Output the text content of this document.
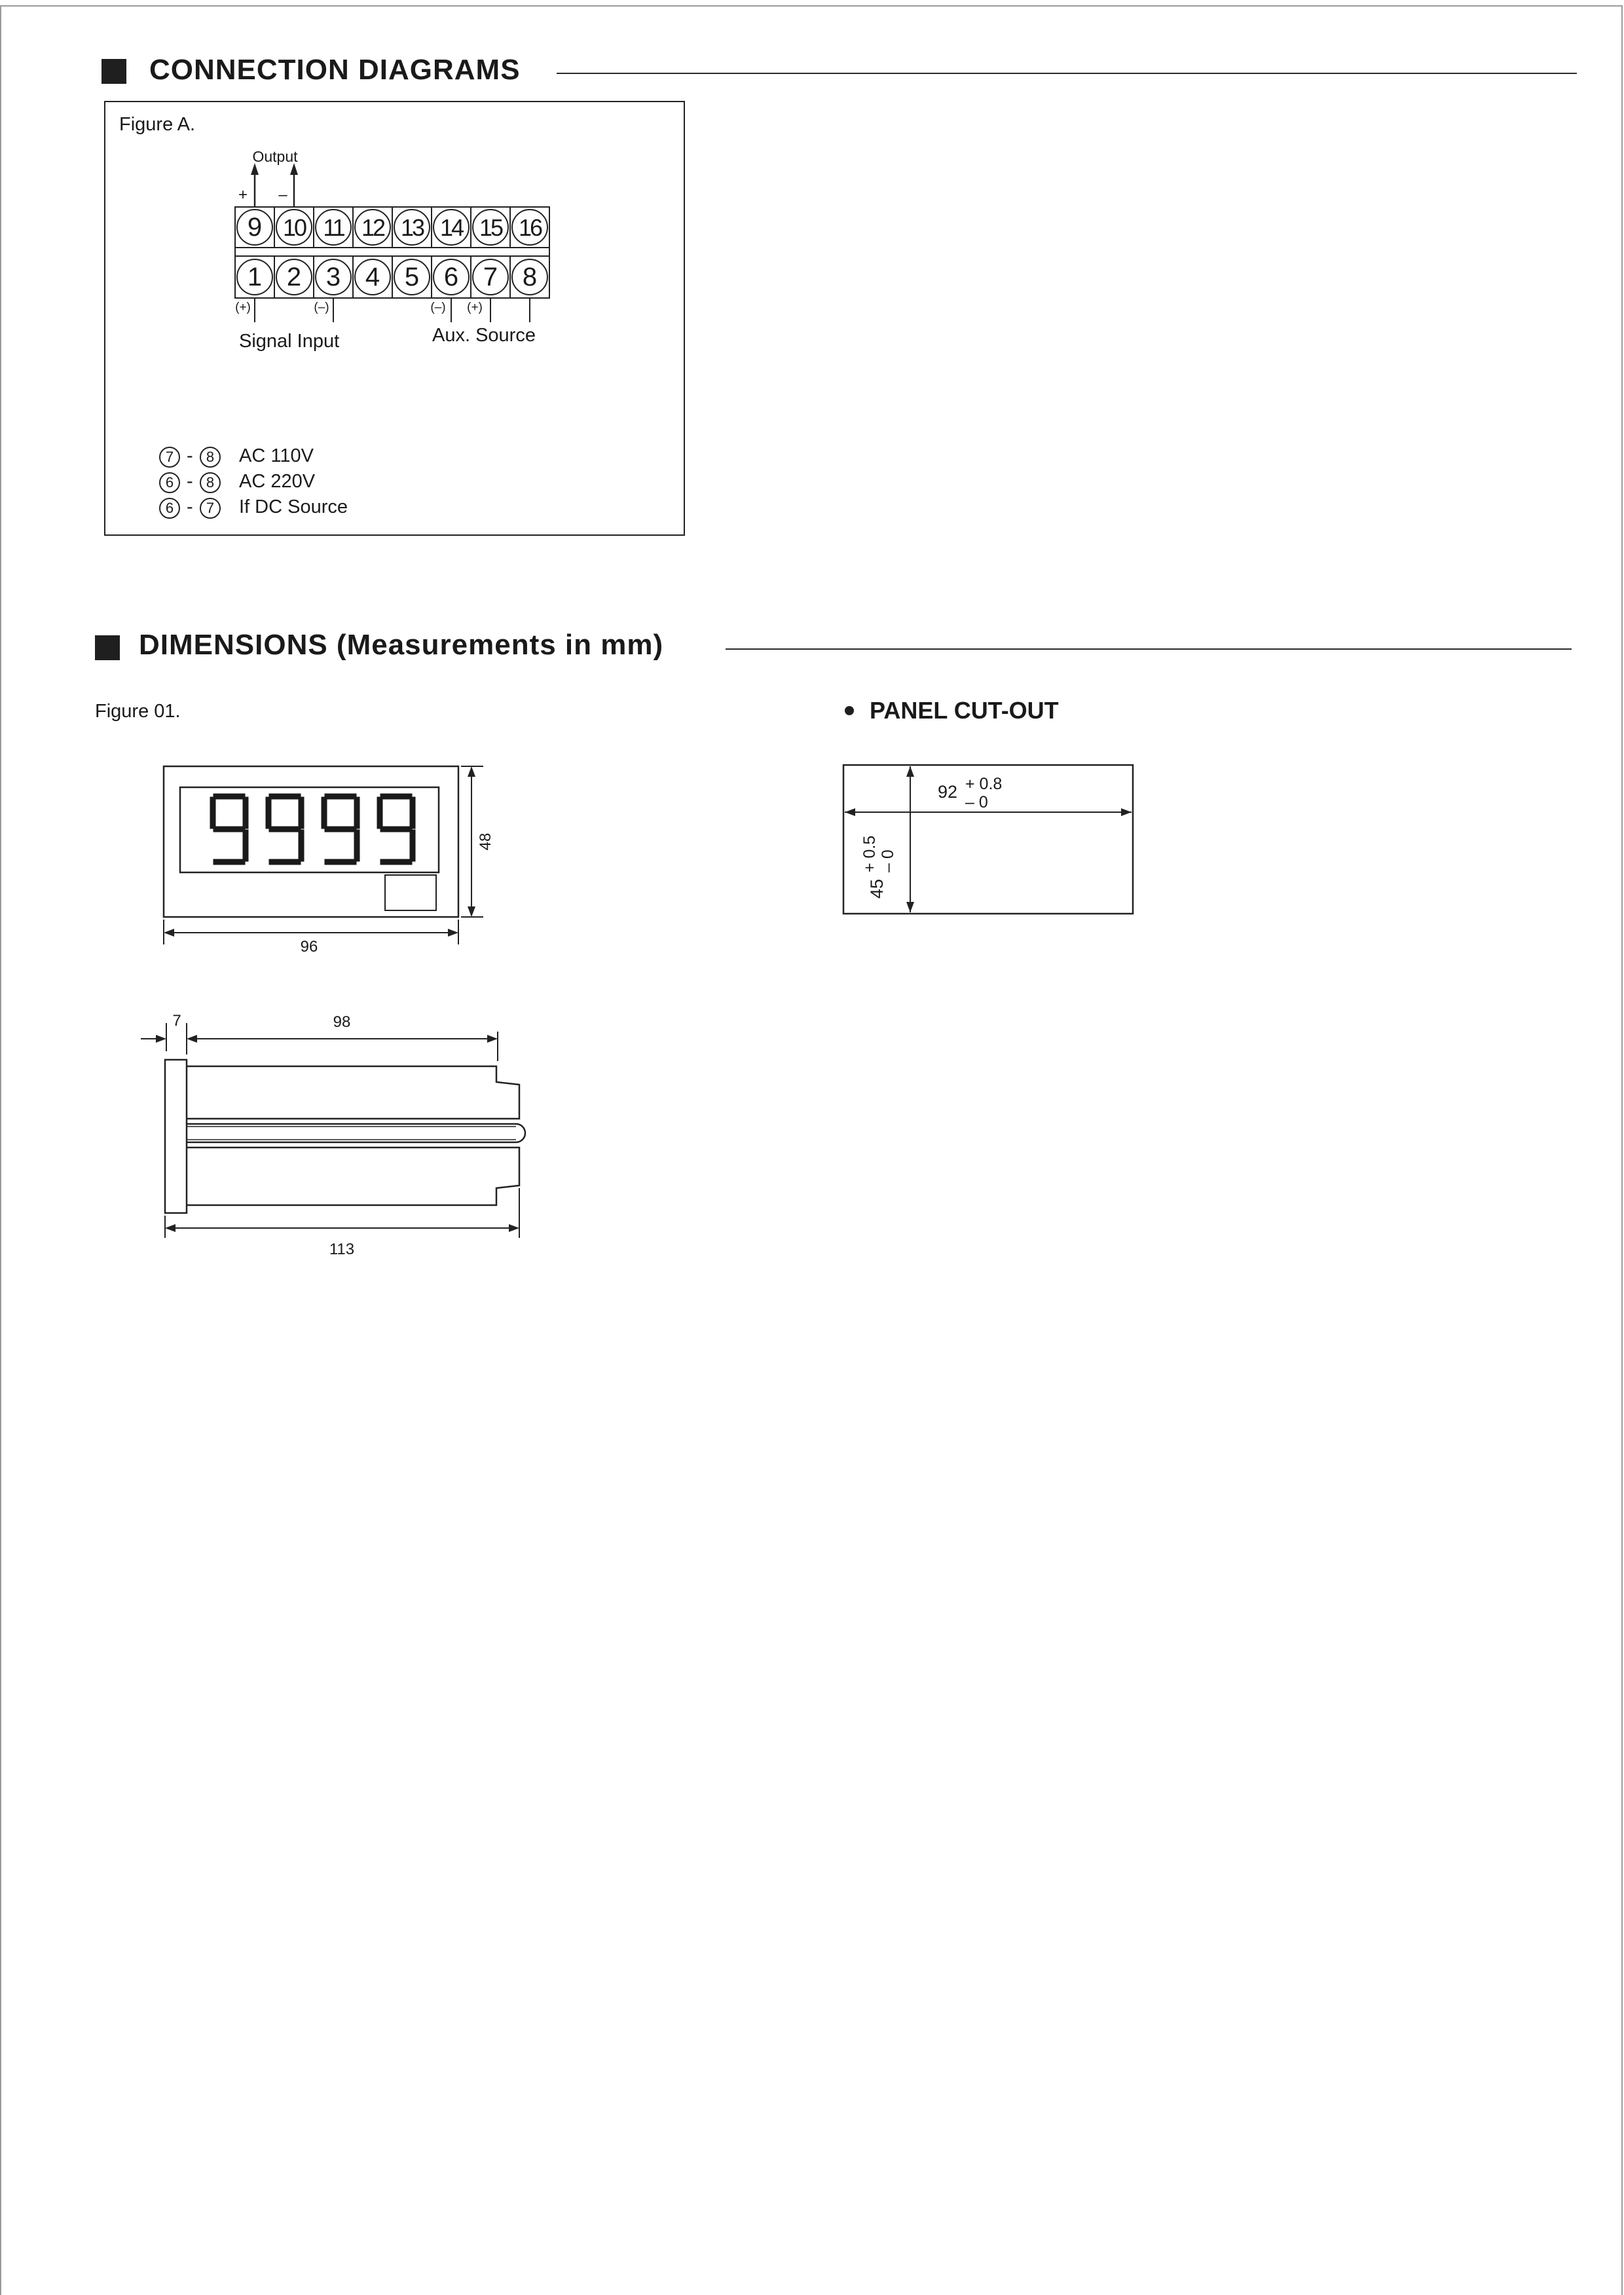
CONNECTION DIAGRAMS
Figure A.
Output
+ –
9 10 11 12 13 14 15 16
1 2 3 4 5 6 7 8
(+)	(–)	(–) (+)
Signal Input	Aux. Source
7 - 8	AC 110V
6 - 8	AC 220V
6 - 7	If DC Source
DIMENSIONS (Measurements in mm)
Figure 01.
48
96
7	98
113
PANEL CUT-OUT
92 + 0.8
– 0
45
+ 0.5 – 0
